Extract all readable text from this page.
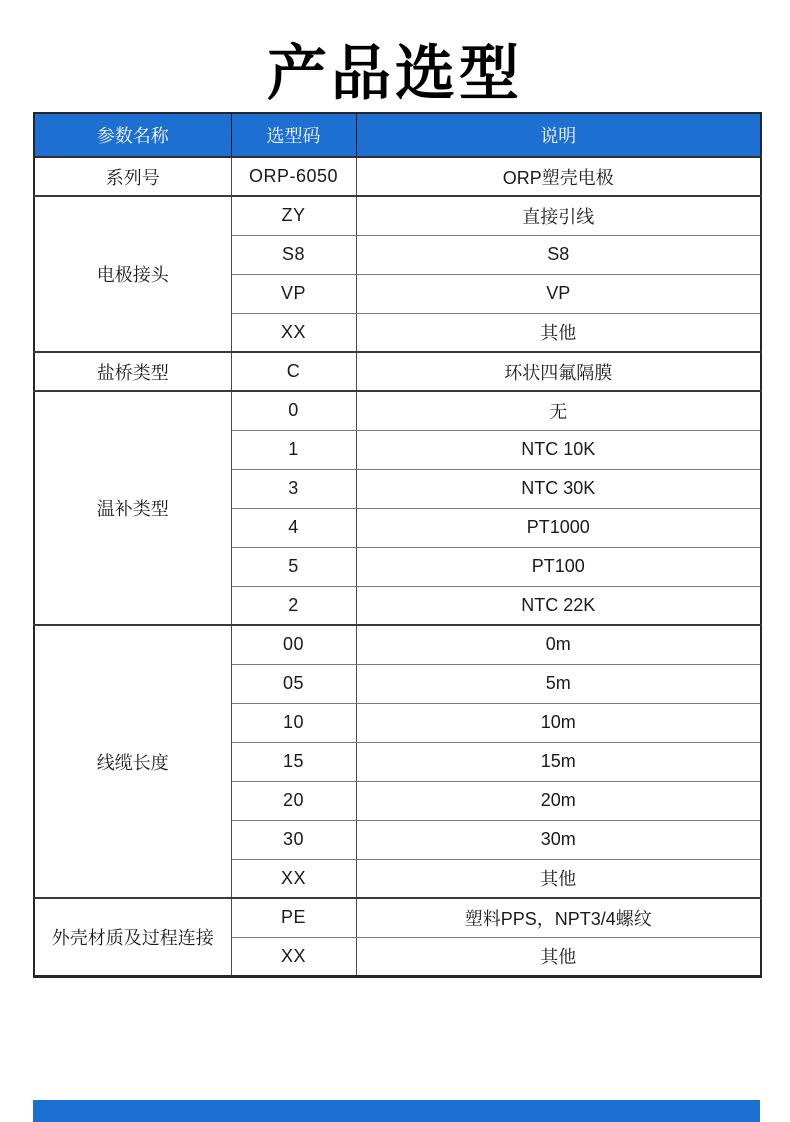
产品选型
参数名称	选型码	说明
系列号	ORP-6050	ORP塑壳电极
电极接头	ZY	直接引线
	S8	S8
	VP	VP
	XX	其他
盐桥类型	C	环状四氟隔膜
温补类型	0	无
	1	NTC 10K
	3	NTC 30K
	4	PT1000
	5	PT100
	2	NTC 22K
线缆长度	00	0m
	05	5m
	10	10m
	15	15m
	20	20m
	30	30m
	XX	其他
外壳材质及过程连接	PE	塑料PPS，NPT3/4螺纹
	XX	其他
